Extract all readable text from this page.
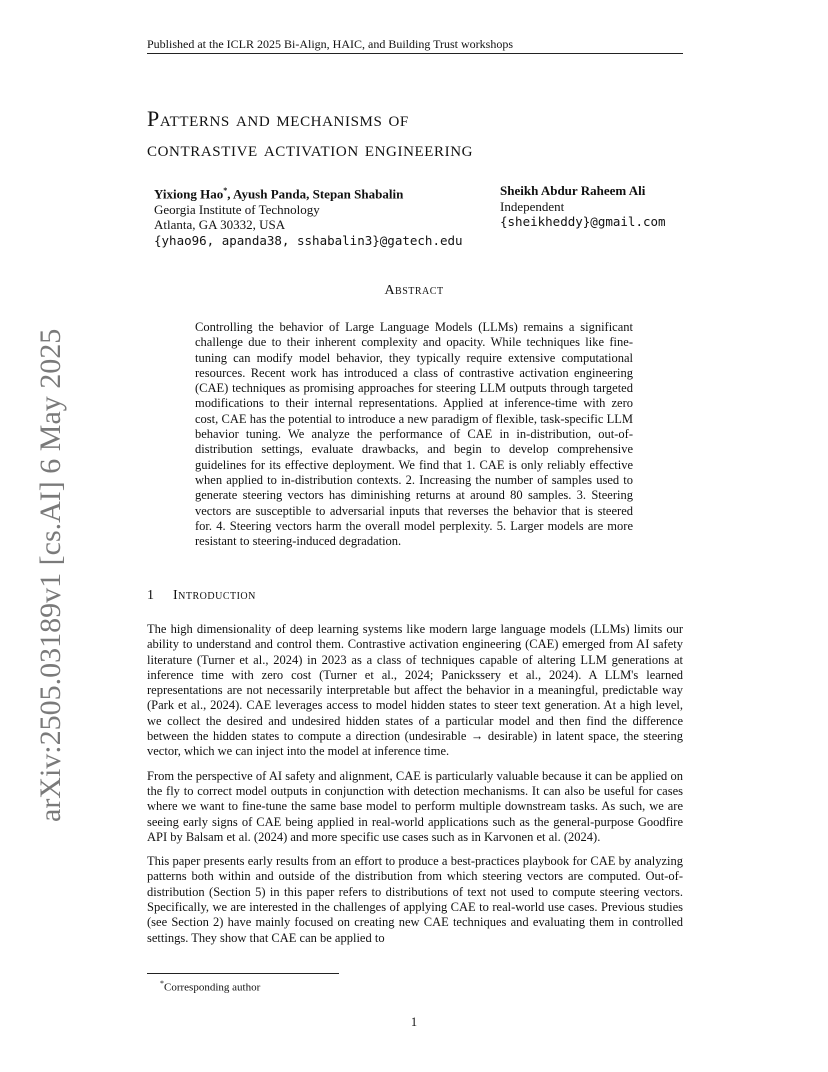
Published at the ICLR 2025 Bi-Align, HAIC, and Building Trust workshops
arXiv:2505.03189v1 [cs.AI] 6 May 2025
Patterns and mechanisms of
contrastive activation engineering
Yixiong Hao*, Ayush Panda, Stepan Shabalin
Georgia Institute of Technology
Atlanta, GA 30332, USA
{yhao96, apanda38, sshabalin3}@gatech.edu
Sheikh Abdur Raheem Ali
Independent
{sheikheddy}@gmail.com
Abstract
Controlling the behavior of Large Language Models (LLMs) remains a significant challenge due to their inherent complexity and opacity. While techniques like fine-tuning can modify model behavior, they typically require extensive computational resources. Recent work has introduced a class of contrastive activation engineering (CAE) techniques as promising approaches for steering LLM outputs through targeted modifications to their internal representations. Applied at inference-time with zero cost, CAE has the potential to introduce a new paradigm of flexible, task-specific LLM behavior tuning. We analyze the performance of CAE in in-distribution, out-of-distribution settings, evaluate drawbacks, and begin to develop comprehensive guidelines for its effective deployment. We find that 1. CAE is only reliably effective when applied to in-distribution contexts. 2. Increasing the number of samples used to generate steering vectors has diminishing returns at around 80 samples. 3. Steering vectors are susceptible to adversarial inputs that reverses the behavior that is steered for. 4. Steering vectors harm the overall model perplexity. 5. Larger models are more resistant to steering-induced degradation.
1 Introduction

The high dimensionality of deep learning systems like modern large language models (LLMs) limits our ability to understand and control them. Contrastive activation engineering (CAE) emerged from AI safety literature (Turner et al., 2024) in 2023 as a class of techniques capable of altering LLM generations at inference time with zero cost (Turner et al., 2024; Panickssery et al., 2024). A LLM's learned representations are not necessarily interpretable but affect the behavior in a meaningful, predictable way (Park et al., 2024). CAE leverages access to model hidden states to steer text generation. At a high level, we collect the desired and undesired hidden states of a particular model and then find the difference between the hidden states to compute a direction (undesirable → desirable) in latent space, the steering vector, which we can inject into the model at inference time.

From the perspective of AI safety and alignment, CAE is particularly valuable because it can be applied on the fly to correct model outputs in conjunction with detection mechanisms. It can also be useful for cases where we want to fine-tune the same base model to perform multiple downstream tasks. As such, we are seeing early signs of CAE being applied in real-world applications such as the general-purpose Goodfire API by Balsam et al. (2024) and more specific use cases such as in Karvonen et al. (2024).

This paper presents early results from an effort to produce a best-practices playbook for CAE by analyzing patterns both within and outside of the distribution from which steering vectors are computed. Out-of-distribution (Section 5) in this paper refers to distributions of text not used to compute steering vectors. Specifically, we are interested in the challenges of applying CAE to real-world use cases. Previous studies (see Section 2) have mainly focused on creating new CAE techniques and evaluating them in controlled settings. They show that CAE can be applied to

*Corresponding author
1
